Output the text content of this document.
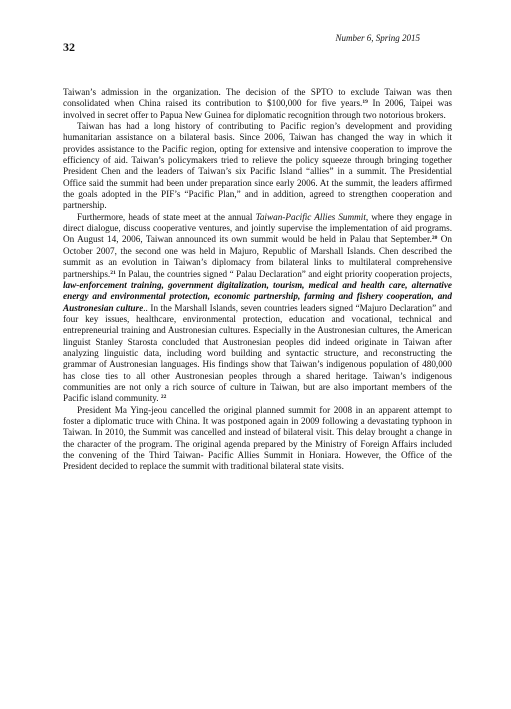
Number 6, Spring 2015
32

Taiwan’s admission in the organization. The decision of the SPTO to exclude Taiwan was then consolidated when China raised its contribution to $100,000 for five years.$^{19}$ In 2006, Taipei was involved in secret offer to Papua New Guinea for diplomatic recognition through two notorious brokers.

Taiwan has had a long history of contributing to Pacific region’s development and providing humanitarian assistance on a bilateral basis. Since 2006, Taiwan has changed the way in which it provides assistance to the Pacific region, opting for extensive and intensive cooperation to improve the efficiency of aid. Taiwan’s policymakers tried to relieve the policy squeeze through bringing together President Chen and the leaders of Taiwan’s six Pacific Island “allies” in a summit. The Presidential Office said the summit had been under preparation since early 2006. At the summit, the leaders affirmed the goals adopted in the PIF’s “Pacific Plan,” and in addition, agreed to strengthen cooperation and partnership.

Furthermore, heads of state meet at the annual Taiwan-Pacific Allies Summit, where they engage in direct dialogue, discuss cooperative ventures, and jointly supervise the implementation of aid programs. On August 14, 2006, Taiwan announced its own summit would be held in Palau that September.$^{20}$ On October 2007, the second one was held in Majuro, Republic of Marshall Islands. Chen described the summit as an evolution in Taiwan’s diplomacy from bilateral links to multilateral comprehensive partnerships.$^{21}$ In Palau, the countries signed “ Palau Declaration” and eight priority cooperation projects, law-enforcement training, government digitalization, tourism, medical and health care, alternative energy and environmental protection, economic partnership, farming and fishery cooperation, and Austronesian culture.. In the Marshall Islands, seven countries leaders signed “Majuro Declaration” and four key issues, healthcare, environmental protection, education and vocational, technical and entrepreneurial training and Austronesian cultures. Especially in the Austronesian cultures, the American linguist Stanley Starosta concluded that Austronesian peoples did indeed originate in Taiwan after analyzing linguistic data, including word building and syntactic structure, and reconstructing the grammar of Austronesian languages. His findings show that Taiwan’s indigenous population of 480,000 has close ties to all other Austronesian peoples through a shared heritage. Taiwan’s indigenous communities are not only a rich source of culture in Taiwan, but are also important members of the Pacific island community. $^{22}$

President Ma Ying-jeou cancelled the original planned summit for 2008 in an apparent attempt to foster a diplomatic truce with China. It was postponed again in 2009 following a devastating typhoon in Taiwan. In 2010, the Summit was cancelled and instead of bilateral visit. This delay brought a change in the character of the program. The original agenda prepared by the Ministry of Foreign Affairs included the convening of the Third Taiwan- Pacific Allies Summit in Honiara. However, the Office of the President decided to replace the summit with traditional bilateral state visits.
